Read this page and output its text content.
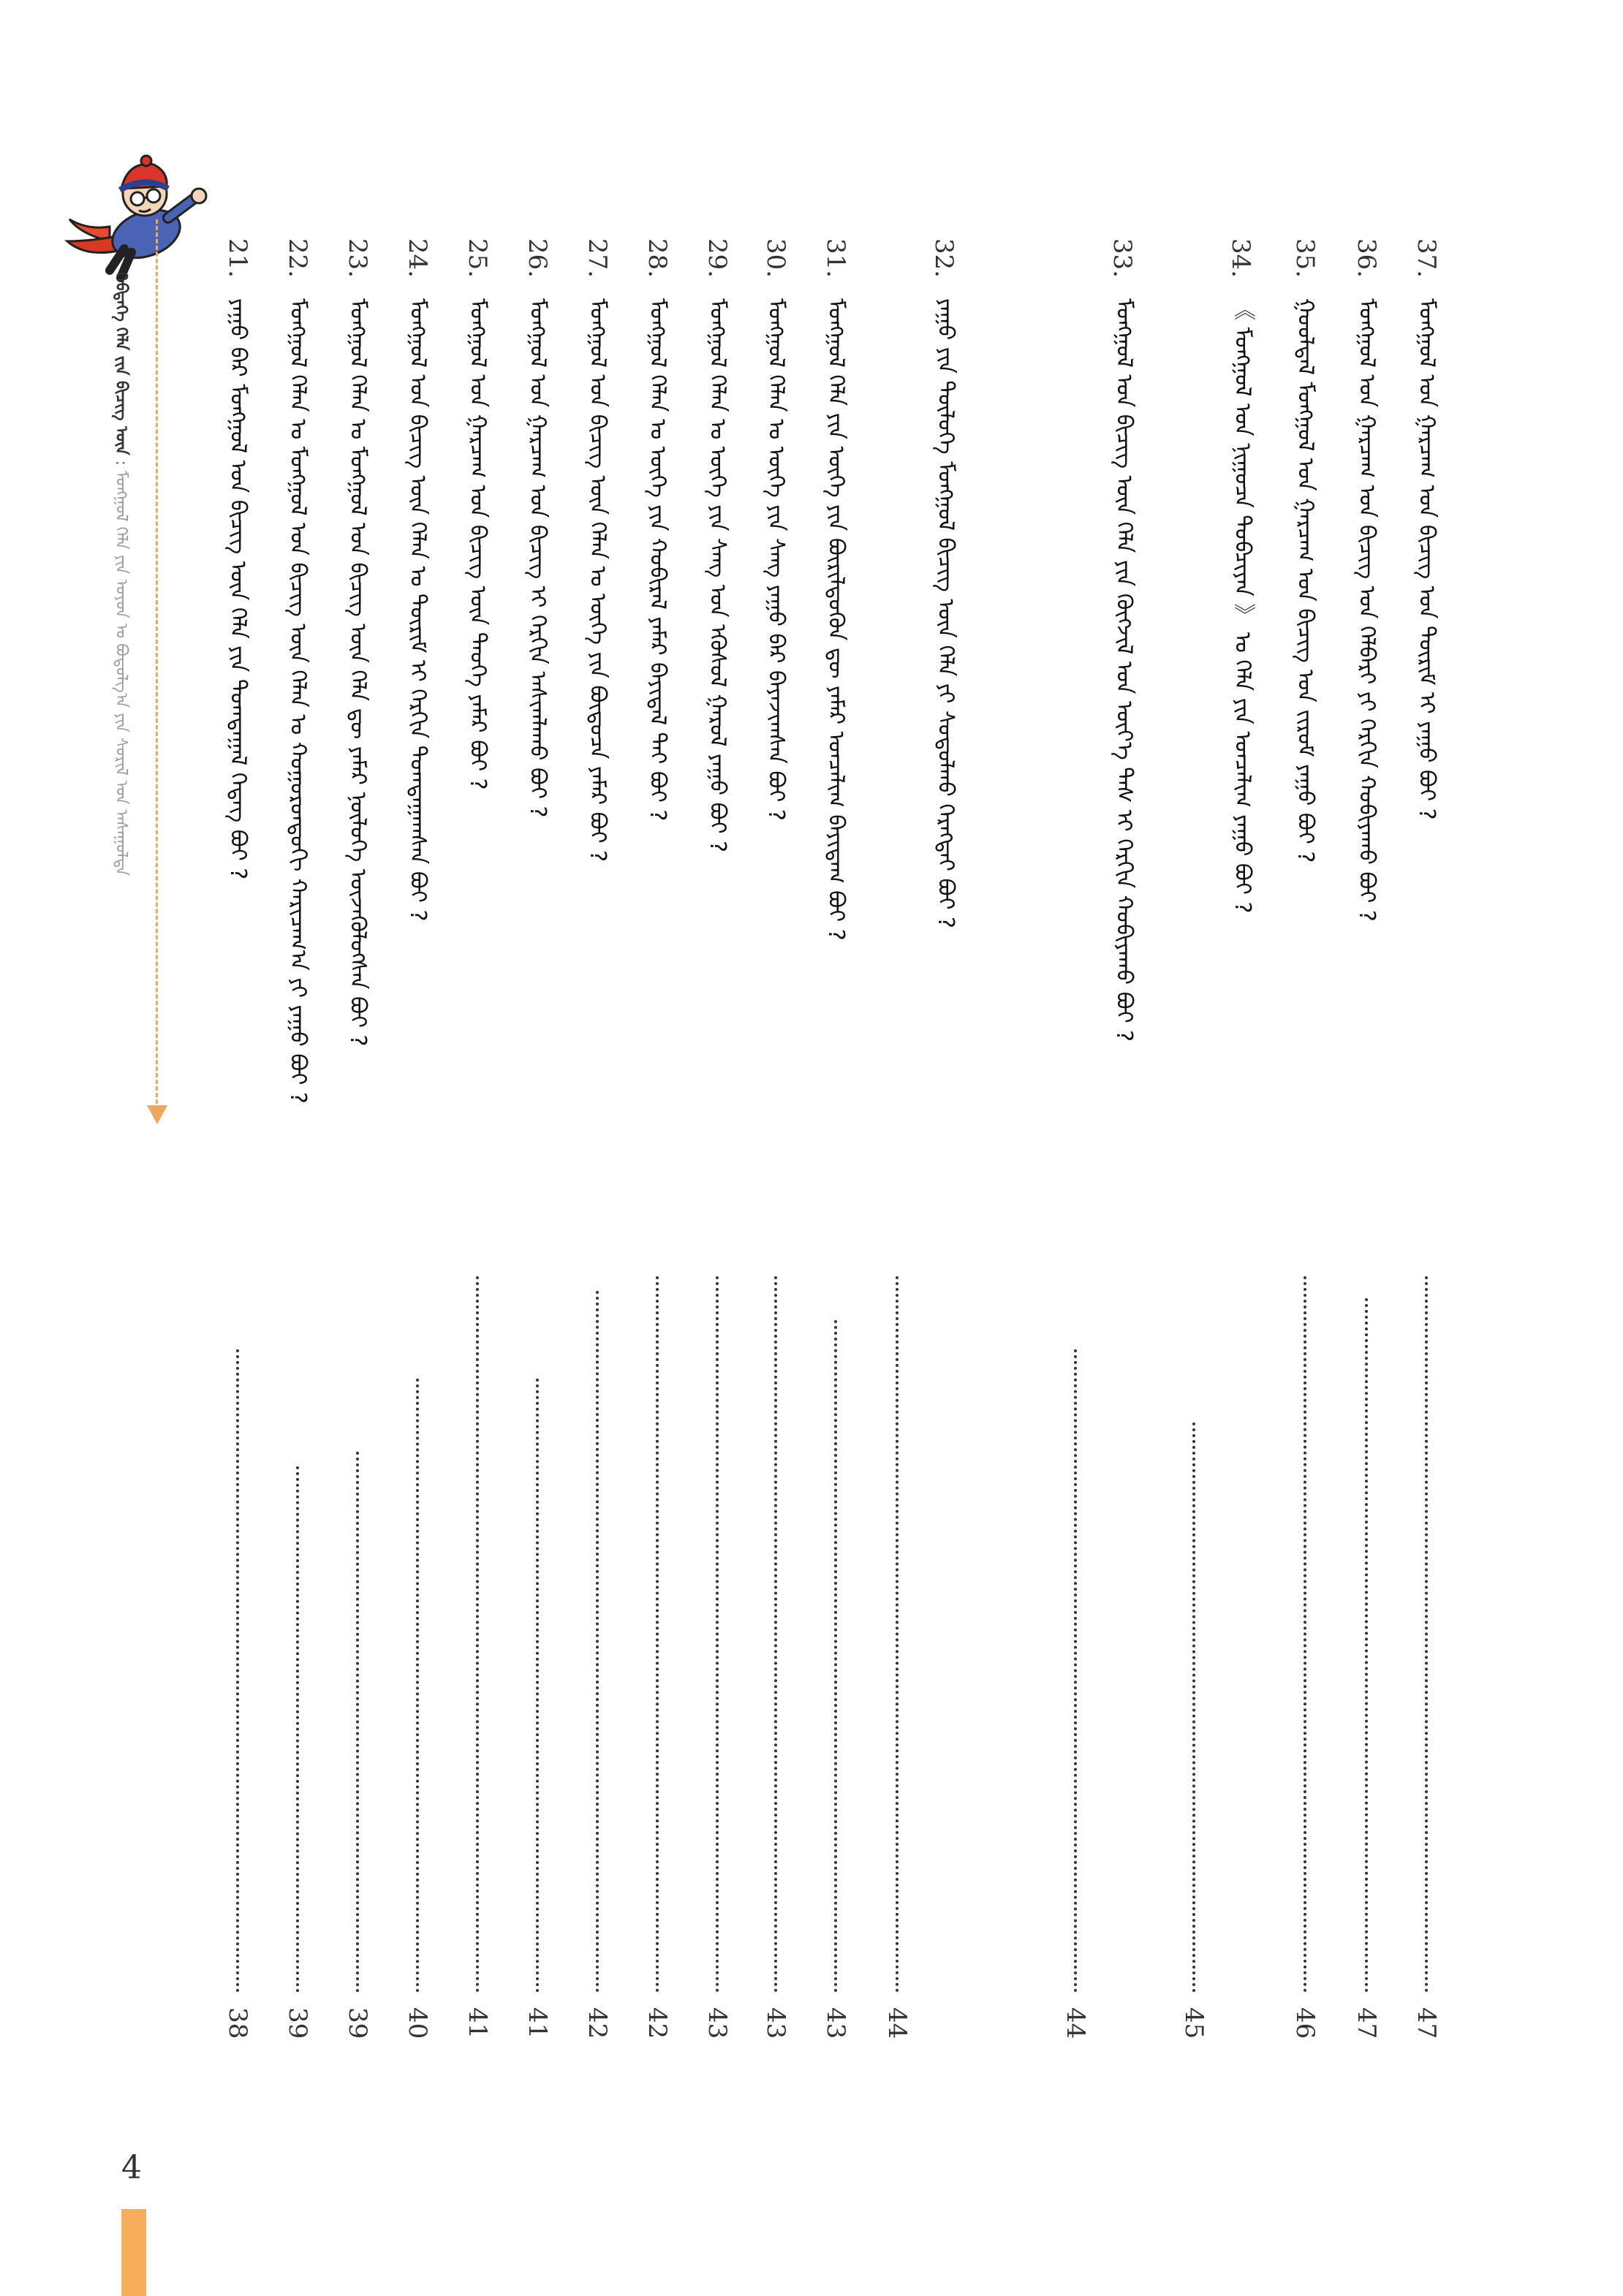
ᠬᠡᠪᠲᠡᠭᠡ ᠬᠡᠯᠡ ᠵᠢᠨ ᠪᠢᠴᠢᠭ ᠦᠨ : ᠮᠣᠩᠭᠣᠯ ᠬᠡᠯᠡ ᠶᠢᠨ ᠣᠶᠤᠨ ᠤ ᠪᠣᠳᠤᠯᠭ᠎ᠠ ᠶᠢᠨ ᠰᠣᠷᠢᠯ ᠤᠨ ᠠᠰᠠᠭᠤᠯᠲᠠ
37.
ᠮᠣᠩᠭᠣᠯ ᠤᠨ ᠭᠠᠷᠴᠠᠭ ᠤᠨ ᠪᠢᠴᠢᠭ ᠤᠨ ᠳᠦᠷᠢᠮ ᠢ ᠶᠠᠭᠤ ᠪᠤᠢ ?
47
36.
ᠮᠣᠩᠭᠣᠯ ᠤᠨ ᠭᠠᠷᠴᠠᠭ ᠤᠨ ᠪᠢᠴᠢᠭ ᠤᠨ ᠬᠡᠯᠪᠡᠷᠢ ᠶᠢ ᠬᠡᠷᠬᠢᠨ ᠬᠤᠪᠢᠶᠠᠬᠤ ᠪᠤᠢ ?
47
35.
ᠭᠣᠣᠯᠳᠠᠯ ᠮᠣᠩᠭᠣᠯ ᠤᠨ ᠭᠠᠷᠴᠠᠭ ᠤᠨ ᠪᠢᠴᠢᠭ ᠤᠨ ᠵᠢᠷᠤᠮ ᠶᠠᠭᠤ ᠪᠤᠢ ?
46
34.
《 ᠮᠣᠩᠭᠣᠯ ᠤᠨ ᠨᠢᠭᠤᠴᠠ ᠲᠣᠪᠴᠢᠶᠠᠨ 》 ᠤ ᠬᠡᠯᠡ ᠶᠢᠨ ᠣᠨᠴᠠᠯᠢᠭ ᠶᠠᠭᠤ ᠪᠤᠢ ?
45
33.
ᠮᠣᠩᠭᠣᠯ ᠤᠨ ᠪᠢᠴᠢᠭ ᠦᠨ ᠬᠡᠯᠡ ᠶᠢᠨ ᠬᠥᠭᠵᠢᠯ ᠤᠨ ᠦᠶ᠎ᠡ ᠳᠡᠰ ᠢ ᠬᠡᠷᠬᠢᠨ ᠬᠤᠪᠢᠶᠠᠬᠤ ᠪᠤᠢ ?
44
32.
ᠶᠠᠭᠤ ᠶᠢᠨ ᠲᠥᠯᠦᠭᠡ ᠮᠣᠩᠭᠣᠯ ᠪᠢᠴᠢᠭ ᠦᠨ ᠬᠡᠯᠡ ᠶᠢ ᠰᠤᠳᠤᠯᠬᠤ ᠬᠡᠷᠡᠭᠲᠡᠢ ᠪᠤᠢ ?
44
31.
ᠮᠣᠩᠭᠣᠯ ᠬᠡᠯᠡ ᠶᠢᠨ ᠦᠭᠡ ᠶᠢᠨ ᠪᠦᠷᠢᠯᠳᠦᠭᠦᠨ ᠳᠦ ᠶᠠᠮᠠᠷ ᠣᠨᠴᠠᠯᠢᠭ ᠪᠠᠶᠢᠳᠠᠭ ᠪᠤᠢ ?
43
30.
ᠮᠣᠩᠭᠣᠯ ᠬᠡᠯᠡᠨ ᠤ ᠦᠭᠡ ᠶᠢᠨ ᠰᠠᠩ ᠶᠠᠭᠤ ᠪᠡᠷ ᠪᠠᠶᠠᠵᠢᠭᠰᠠᠨ ᠪᠤᠢ ?
43
29.
ᠮᠣᠩᠭᠣᠯ ᠬᠡᠯᠡᠨ ᠤ ᠦᠭᠡ ᠶᠢᠨ ᠰᠠᠩ ᠤᠨ ᠡᠭᠦᠰᠦᠯ ᠭᠠᠷᠤᠯ ᠶᠠᠭᠤ ᠪᠤᠢ ?
43
28.
ᠮᠣᠩᠭᠣᠯ ᠬᠡᠯᠡᠨ ᠤ ᠦᠭᠡ ᠶᠢᠨ ᠬᠤᠪᠢᠷᠠᠯ ᠶᠠᠮᠠᠷ ᠪᠠᠶᠢᠳᠠᠯ ᠲᠠᠢ ᠪᠤᠢ ?
42
27.
ᠮᠣᠩᠭᠣᠯ ᠤᠨ ᠪᠢᠴᠢᠭ ᠦᠨ ᠬᠡᠯᠡᠨ ᠤ ᠦᠭᠡ ᠶᠢᠨ ᠪᠦᠲᠦᠴᠡ ᠶᠠᠮᠠᠷ ᠪᠤᠢ ?
42
26.
ᠮᠣᠩᠭᠣᠯ ᠤᠨ ᠭᠠᠷᠴᠠᠭ ᠤᠨ ᠪᠢᠴᠢᠭ ᠢ ᠬᠡᠷᠬᠢᠨ ᠠᠰᠢᠭᠯᠠᠬᠤ ᠪᠤᠢ ?
41
25.
ᠮᠣᠩᠭᠣᠯ ᠤᠨ ᠭᠠᠷᠴᠠᠭ ᠤᠨ ᠪᠢᠴᠢᠭ ᠦᠨ ᠲᠡᠦᠬᠡ ᠶᠠᠮᠠᠷ ᠪᠤᠢ ?
41
24.
ᠮᠣᠩᠭᠣᠯ ᠤᠨ ᠪᠢᠴᠢᠭ ᠦᠨ ᠬᠡᠯᠡᠨ ᠤ ᠳᠦᠷᠢᠮ ᠢ ᠬᠡᠷᠬᠢᠨ ᠲᠣᠭᠲᠠᠭᠠᠭᠰᠠᠨ ᠪᠤᠢ ?
40
23.
ᠮᠣᠩᠭᠣᠯ ᠬᠡᠯᠡᠨ ᠤ ᠮᠣᠩᠭᠣᠯ ᠤᠨ ᠪᠢᠴᠢᠭ ᠦᠨ ᠬᠡᠯᠡ ᠳᠦ ᠶᠠᠮᠠᠷ ᠨᠥᠯᠥᠭᠡ ᠦᠵᠡᠭᠦᠯᠦᠭᠰᠡᠨ ᠪᠤᠢ ?
39
22.
ᠮᠣᠩᠭᠣᠯ ᠬᠡᠯᠡᠨ ᠤ ᠮᠣᠩᠭᠣᠯ ᠤᠨ ᠪᠢᠴᠢᠭ ᠦᠨ ᠬᠡᠯᠡᠨ ᠤ ᠬᠣᠭᠣᠷᠣᠨᠳᠣᠬᠢ ᠬᠠᠷᠢᠴᠠᠭ᠎ᠠ ᠶᠢ ᠶᠠᠭᠤ ᠪᠤᠢ ?
39
21.
ᠶᠠᠭᠤ ᠪᠡᠷ ᠮᠣᠩᠭᠣᠯ ᠤᠨ ᠪᠢᠴᠢᠭ ᠦᠨ ᠬᠡᠯᠡ ᠶᠢᠨ ᠲᠣᠭᠲᠠᠭᠠᠯ ᠭᠡᠳᠡᠭ ᠪᠤᠢ ?
38
4
